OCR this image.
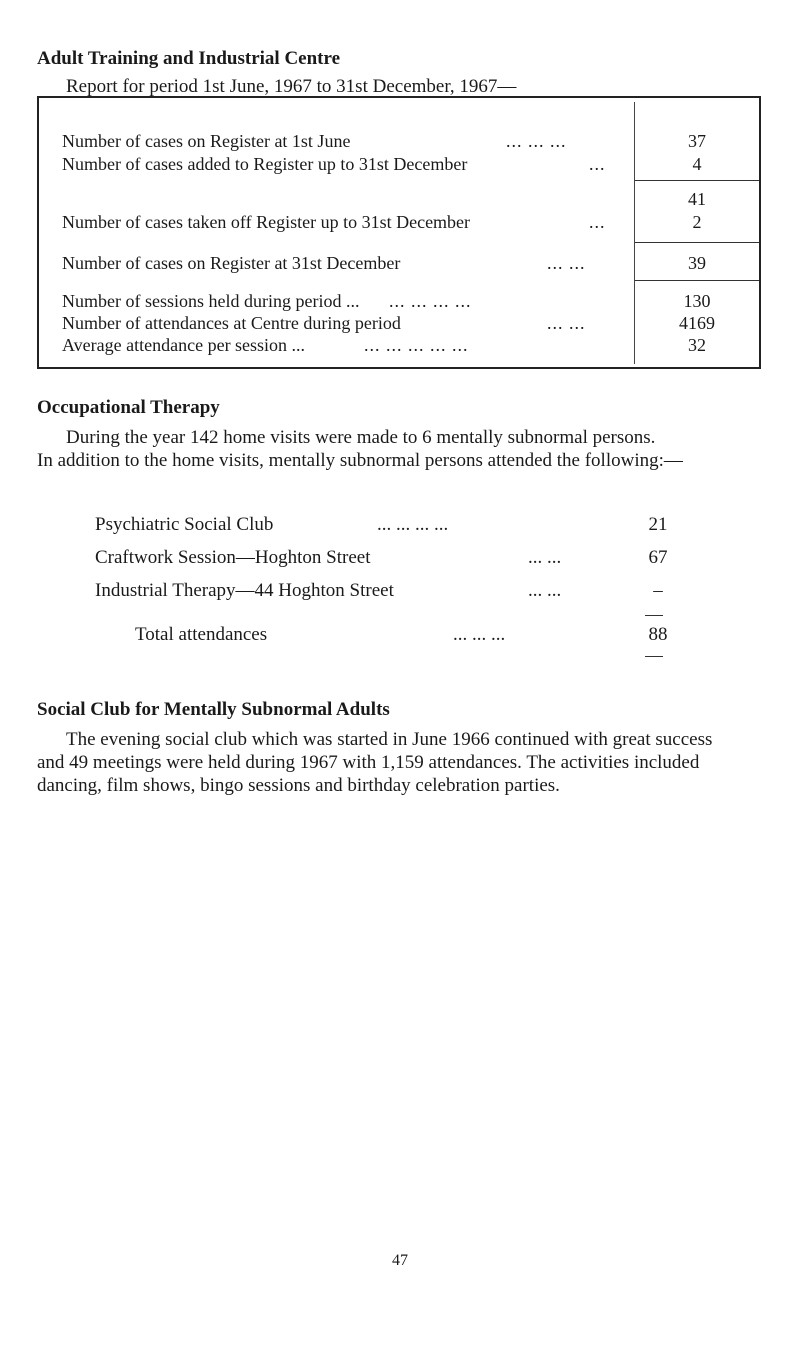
Adult Training and Industrial Centre
Report for period 1st June, 1967 to 31st December, 1967—
Number of cases on Register at 1st June	... ... ...	37
Number of cases added to Register up to 31st December	...	4
41
Number of cases taken off Register up to 31st December	...	2
Number of cases on Register at 31st December	... ...	39
Number of sessions held during period ... ... ... ... ...	130
Number of attendances at Centre during period	... ...	4169
Average attendance per session ...	... ... ... ... ...	32
Occupational Therapy
During the year 142 home visits were made to 6 mentally subnormal persons.
In addition to the home visits, mentally subnormal persons attended the following:—
Psychiatric Social Club	... ... ... ...	21
Craftwork Session—Hoghton Street	... ...	67
Industrial Therapy—44 Hoghton Street	... ...	–
Total attendances	... ... ...	88
Social Club for Mentally Subnormal Adults
The evening social club which was started in June 1966 continued with great success
and 49 meetings were held during 1967 with 1,159 attendances. The activities included
dancing, film shows, bingo sessions and birthday celebration parties.
47
